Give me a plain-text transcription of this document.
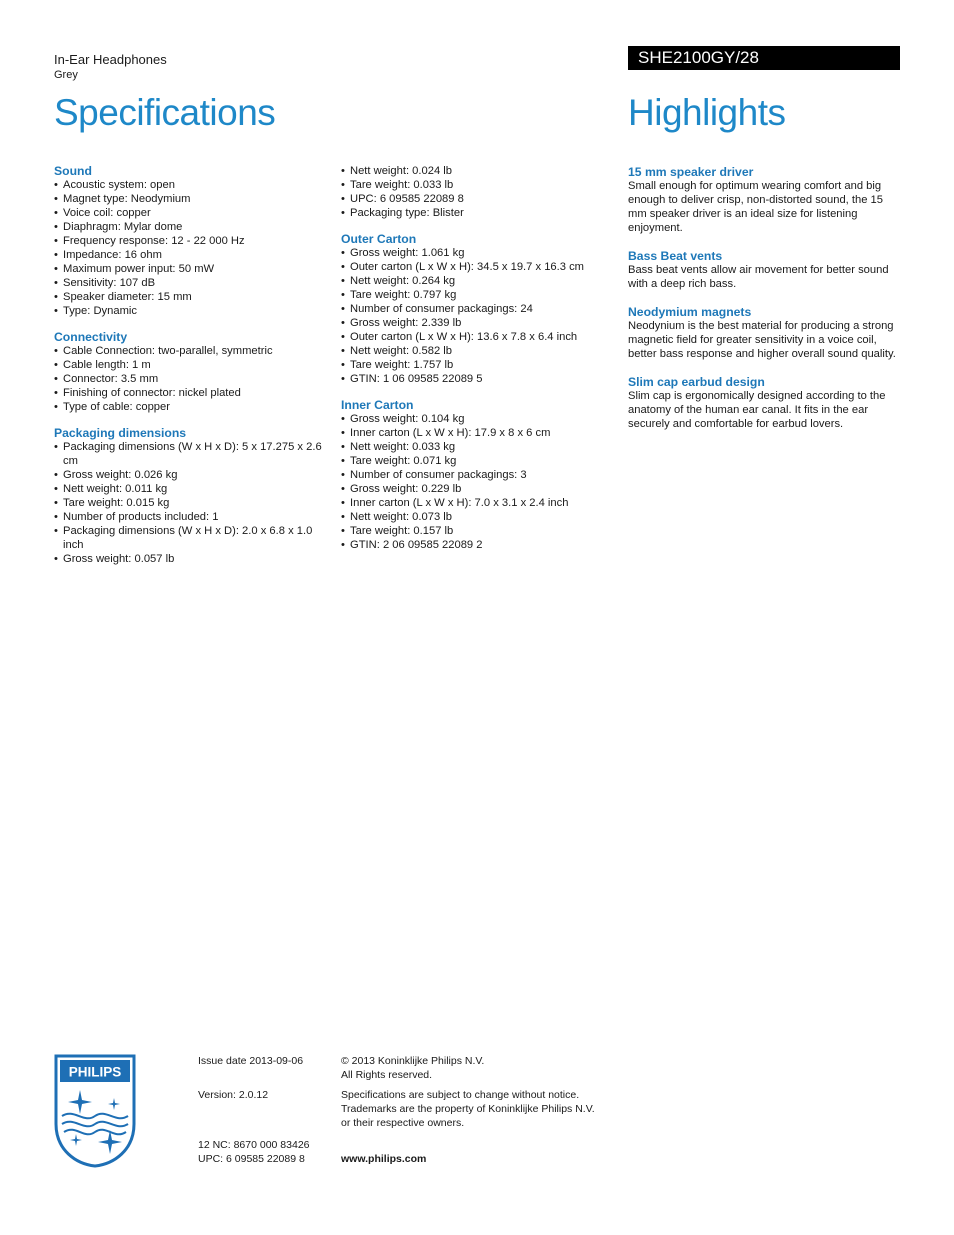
In-Ear Headphones
Grey
SHE2100GY/28
Specifications	Highlights
Sound
• Acoustic system: open
• Magnet type: Neodymium
• Voice coil: copper
• Diaphragm: Mylar dome
• Frequency response: 12 - 22 000 Hz
• Impedance: 16 ohm
• Maximum power input: 50 mW
• Sensitivity: 107 dB
• Speaker diameter: 15 mm
• Type: Dynamic
Connectivity
• Cable Connection: two-parallel, symmetric
• Cable length: 1 m
• Connector: 3.5 mm
• Finishing of connector: nickel plated
• Type of cable: copper
Packaging dimensions
• Packaging dimensions (W x H x D): 5 x 17.275 x 2.6 cm
• Gross weight: 0.026 kg
• Nett weight: 0.011 kg
• Tare weight: 0.015 kg
• Number of products included: 1
• Packaging dimensions (W x H x D): 2.0 x 6.8 x 1.0 inch
• Gross weight: 0.057 lb
• Nett weight: 0.024 lb
• Tare weight: 0.033 lb
• UPC: 6 09585 22089 8
• Packaging type: Blister
Outer Carton
• Gross weight: 1.061 kg
• Outer carton (L x W x H): 34.5 x 19.7 x 16.3 cm
• Nett weight: 0.264 kg
• Tare weight: 0.797 kg
• Number of consumer packagings: 24
• Gross weight: 2.339 lb
• Outer carton (L x W x H): 13.6 x 7.8 x 6.4 inch
• Nett weight: 0.582 lb
• Tare weight: 1.757 lb
• GTIN: 1 06 09585 22089 5
Inner Carton
• Gross weight: 0.104 kg
• Inner carton (L x W x H): 17.9 x 8 x 6 cm
• Nett weight: 0.033 kg
• Tare weight: 0.071 kg
• Number of consumer packagings: 3
• Gross weight: 0.229 lb
• Inner carton (L x W x H): 7.0 x 3.1 x 2.4 inch
• Nett weight: 0.073 lb
• Tare weight: 0.157 lb
• GTIN: 2 06 09585 22089 2
15 mm speaker driver
Small enough for optimum wearing comfort and big enough to deliver crisp, non-distorted sound, the 15 mm speaker driver is an ideal size for listening enjoyment.
Bass Beat vents
Bass beat vents allow air movement for better sound with a deep rich bass.
Neodymium magnets
Neodynium is the best material for producing a strong magnetic field for greater sensitivity in a voice coil, better bass response and higher overall sound quality.
Slim cap earbud design
Slim cap is ergonomically designed according to the anatomy of the human ear canal. It fits in the ear securely and comfortable for earbud lovers.
PHILIPS
Issue date 2013-09-06
Version: 2.0.12
12 NC: 8670 000 83426
UPC: 6 09585 22089 8
© 2013 Koninklijke Philips N.V.
All Rights reserved.
Specifications are subject to change without notice.
Trademarks are the property of Koninklijke Philips N.V.
or their respective owners.
www.philips.com
